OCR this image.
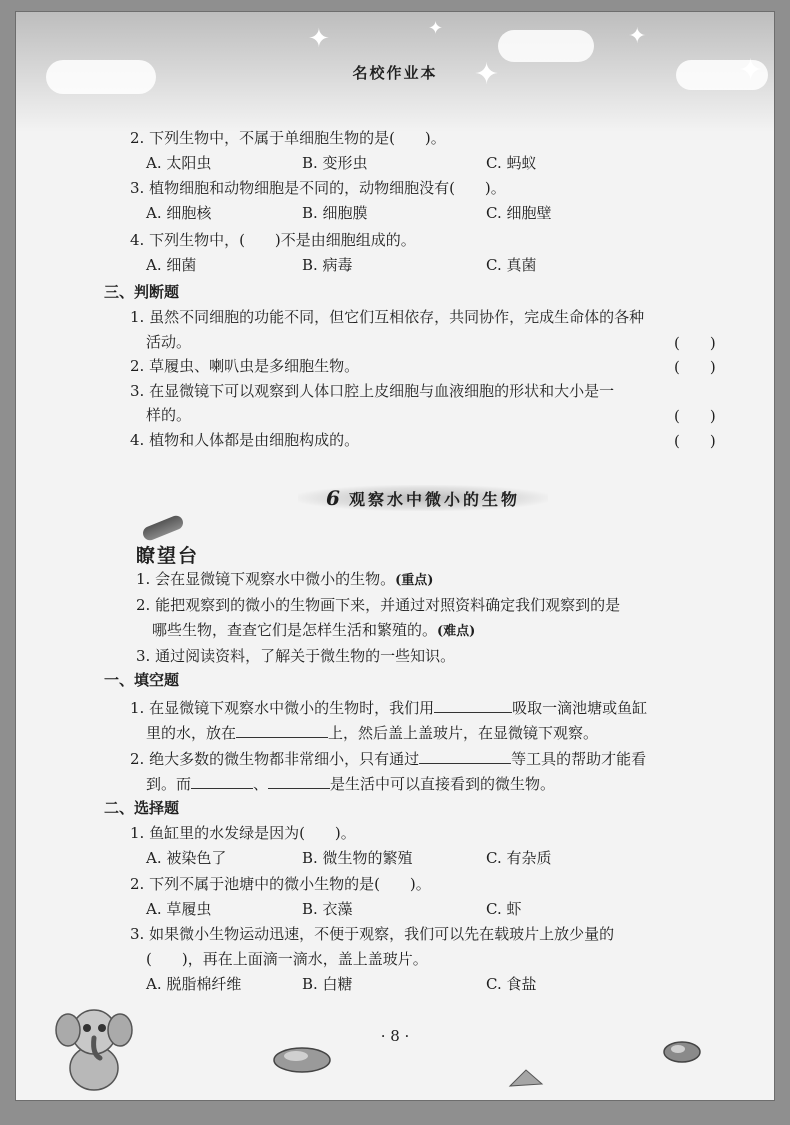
✦	✦
✦
✦
✦
名校作业本
2. 下列生物中，不属于单细胞生物的是(　　)。
A. 太阳虫	B. 变形虫	C. 蚂蚁
3. 植物细胞和动物细胞是不同的，动物细胞没有(　　)。
A. 细胞核	B. 细胞膜	C. 细胞壁
4. 下列生物中，(　　)不是由细胞组成的。
A. 细菌	B. 病毒	C. 真菌
三、判断题
1. 虽然不同细胞的功能不同，但它们互相依存，共同协作，完成生命体的各种
活动。	(　　)
2. 草履虫、喇叭虫是多细胞生物。	(　　)
3. 在显微镜下可以观察到人体口腔上皮细胞与血液细胞的形状和大小是一
样的。	(　　)
4. 植物和人体都是由细胞构成的。	(　　)
6 观察水中微小的生物
瞭望台
1. 会在显微镜下观察水中微小的生物。(重点)
2. 能把观察到的微小的生物画下来，并通过对照资料确定我们观察到的是
哪些生物，查查它们是怎样生活和繁殖的。(难点)
3. 通过阅读资料，了解关于微生物的一些知识。
一、填空题
1. 在显微镜下观察水中微小的生物时，我们用	吸取一滴池塘或鱼缸
里的水，放在	上，然后盖上盖玻片，在显微镜下观察。
2. 绝大多数的微生物都非常细小，只有通过	等工具的帮助才能看
到。而	、	是生活中可以直接看到的微生物。
二、选择题
1. 鱼缸里的水发绿是因为(　　)。
A. 被染色了	B. 微生物的繁殖	C. 有杂质
2. 下列不属于池塘中的微小生物的是(　　)。
A. 草履虫	B. 衣藻	C. 虾
3. 如果微小生物运动迅速，不便于观察，我们可以先在载玻片上放少量的
(　　)，再在上面滴一滴水，盖上盖玻片。
A. 脱脂棉纤维	B. 白糖	C. 食盐
· 8 ·
